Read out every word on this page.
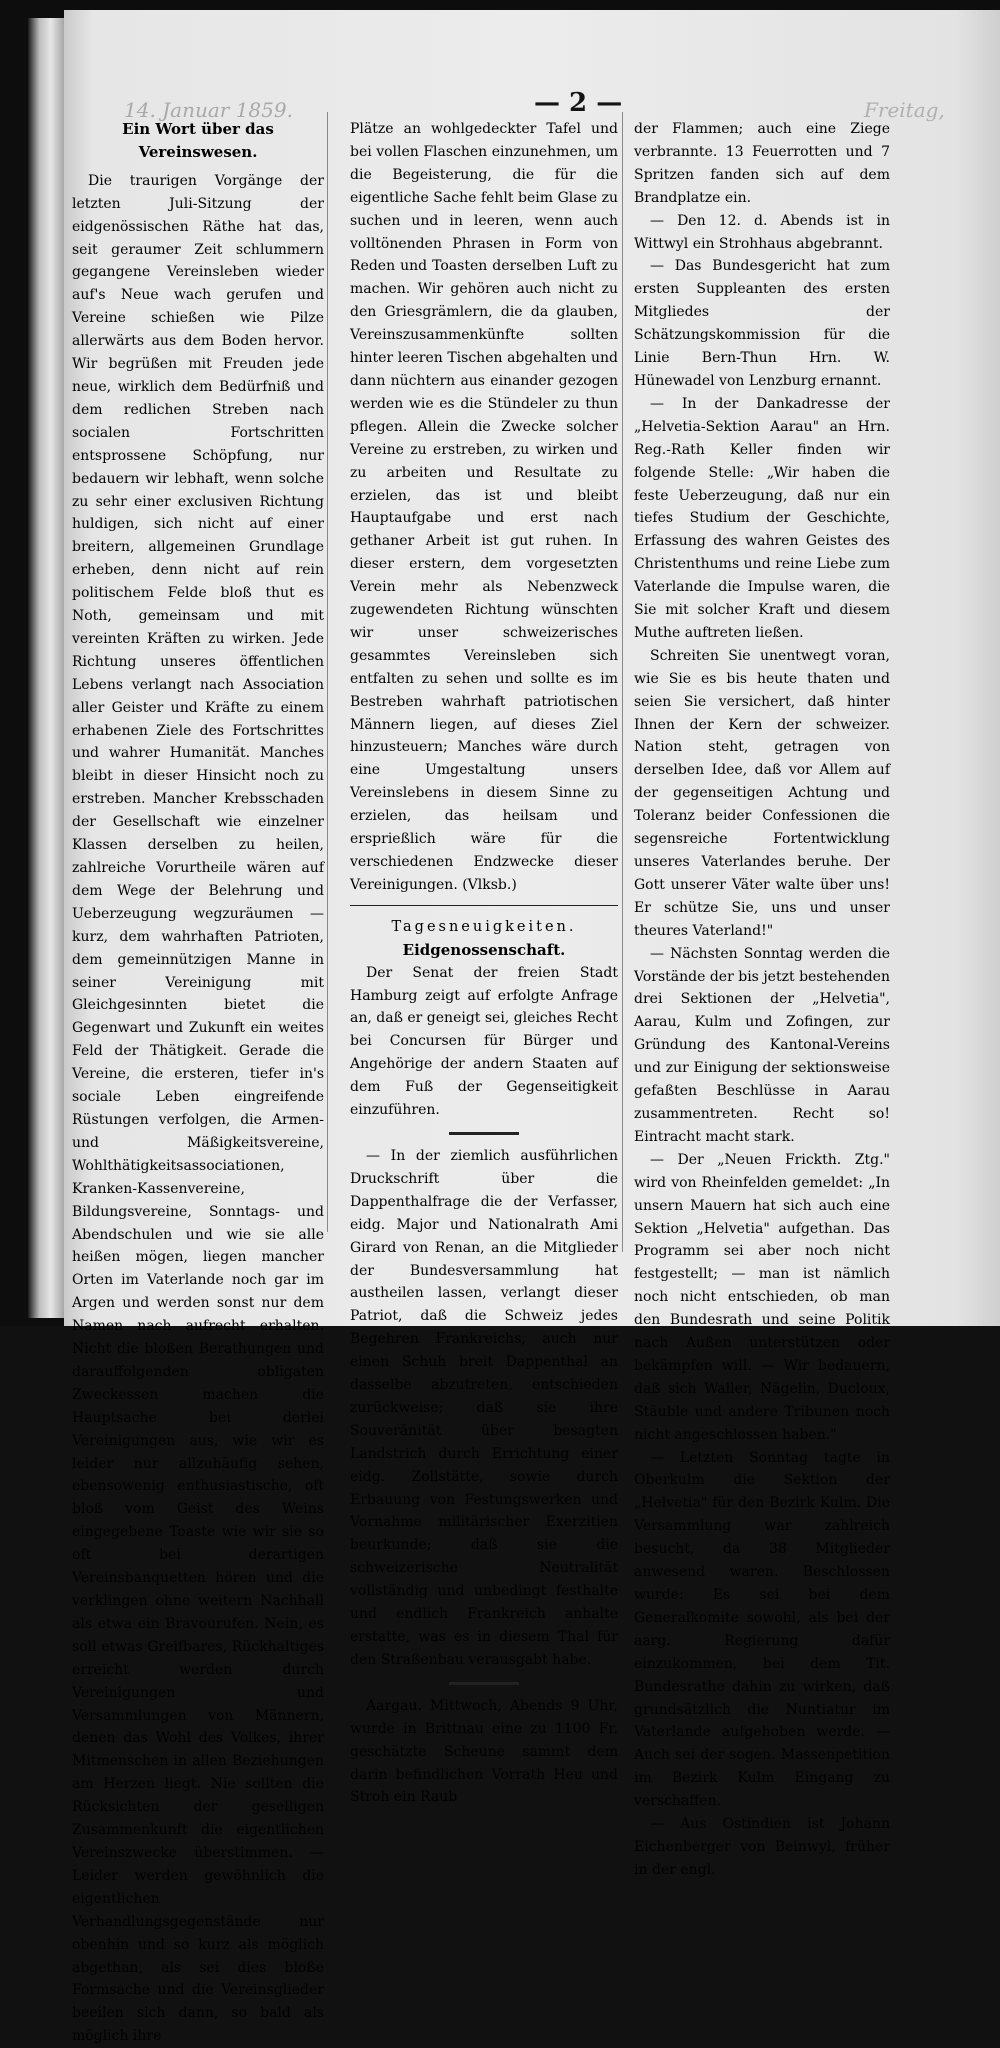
14. Januar 1859.	Freitag,
— 2 —

Ein Wort über das Vereinswesen.

Die traurigen Vorgänge der letzten Juli-Sitzung der eidgenössischen Räthe hat das, seit geraumer Zeit schlummern gegangene Vereinsleben wieder auf's Neue wach gerufen und Vereine schießen wie Pilze allerwärts aus dem Boden hervor. Wir begrüßen mit Freuden jede neue, wirklich dem Bedürfniß und dem redlichen Streben nach socialen Fortschritten entsprossene Schöpfung, nur bedauern wir lebhaft, wenn solche zu sehr einer exclusiven Richtung huldigen, sich nicht auf einer breitern, allgemeinen Grundlage erheben, denn nicht auf rein politischem Felde bloß thut es Noth, gemeinsam und mit vereinten Kräften zu wirken. Jede Richtung unseres öffentlichen Lebens verlangt nach Association aller Geister und Kräfte zu einem erhabenen Ziele des Fortschrittes und wahrer Humanität. Manches bleibt in dieser Hinsicht noch zu erstreben. Mancher Krebsschaden der Gesellschaft wie einzelner Klassen derselben zu heilen, zahlreiche Vorurtheile wären auf dem Wege der Belehrung und Ueberzeugung wegzuräumen — kurz, dem wahrhaften Patrioten, dem gemeinnützigen Manne in seiner Vereinigung mit Gleichgesinnten bietet die Gegenwart und Zukunft ein weites Feld der Thätigkeit. Gerade die Vereine, die ersteren, tiefer in's sociale Leben eingreifende Rüstungen verfolgen, die Armen- und Mäßigkeitsvereine, Wohlthätigkeitsassociationen, Kranken-Kassenvereine, Bildungsvereine, Sonntags- und Abendschulen und wie sie alle heißen mögen, liegen mancher Orten im Vaterlande noch gar im Argen und werden sonst nur dem Namen nach aufrecht erhalten. Nicht die bloßen Berathungen und darauffolgenden obligaten Zweckessen machen die Hauptsache bei derlei Vereinigungen aus, wie wir es leider nur allzuhäufig sehen, ebensowenig enthusiastische, oft bloß vom Geist des Weins eingegebene Toaste wie wir sie so oft bei derartigen Vereinsbanquetten hören und die verklingen ohne weitern Nachhall als etwa ein Bravourufen. Nein, es soll etwas Greifbares, Rückhaltiges erreicht werden durch Vereinigungen und Versammlungen von Männern, denen das Wohl des Volkes, ihrer Mitmenschen in allen Beziehungen am Herzen liegt. Nie sollten die Rücksichten der geselligen Zusammenkunft die eigentlichen Vereinszwecke überstimmen. — Leider werden gewöhnlich die eigentlichen Verhandlungsgegenstände nur obenhin und so kurz als möglich abgethan, als sei dies bloße Formsache und die Vereinsglieder beeilen sich dann, so bald als möglich ihre

Plätze an wohlgedeckter Tafel und bei vollen Flaschen einzunehmen, um die Begeisterung, die für die eigentliche Sache fehlt beim Glase zu suchen und in leeren, wenn auch volltönenden Phrasen in Form von Reden und Toasten derselben Luft zu machen. Wir gehören auch nicht zu den Griesgrämlern, die da glauben, Vereinszusammenkünfte sollten hinter leeren Tischen abgehalten und dann nüchtern aus einander gezogen werden wie es die Stündeler zu thun pflegen. Allein die Zwecke solcher Vereine zu erstreben, zu wirken und zu arbeiten und Resultate zu erzielen, das ist und bleibt Hauptaufgabe und erst nach gethaner Arbeit ist gut ruhen. In dieser erstern, dem vorgesetzten Verein mehr als Nebenzweck zugewendeten Richtung wünschten wir unser schweizerisches gesammtes Vereinsleben sich entfalten zu sehen und sollte es im Bestreben wahrhaft patriotischen Männern liegen, auf dieses Ziel hinzusteuern; Manches wäre durch eine Umgestaltung unsers Vereinslebens in diesem Sinne zu erzielen, das heilsam und ersprießlich wäre für die verschiedenen Endzwecke dieser Vereinigungen. (Vlksb.)

Tagesneuigkeiten.

Eidgenossenschaft.

Der Senat der freien Stadt Hamburg zeigt auf erfolgte Anfrage an, daß er geneigt sei, gleiches Recht bei Concursen für Bürger und Angehörige der andern Staaten auf dem Fuß der Gegenseitigkeit einzuführen.

— In der ziemlich ausführlichen Druckschrift über die Dappenthalfrage die der Verfasser, eidg. Major und Nationalrath Ami Girard von Renan, an die Mitglieder der Bundesversammlung hat austheilen lassen, verlangt dieser Patriot, daß die Schweiz jedes Begehren Frankreichs, auch nur einen Schuh breit Dappenthal an dasselbe abzutreten, entschieden zurückweise; daß sie ihre Souveränität über besagten Landstrich durch Errichtung einer eidg. Zollstätte, sowie durch Erbauung von Festungswerken und Vornahme militärischer Exerzitien beurkunde; daß sie die schweizerische Neutralität vollständig und unbedingt festhalte und endlich Frankreich anhalte erstatte, was es in diesem Thal für den Straßenbau verausgabt habe.

Aargau. Mittwoch, Abends 9 Uhr, wurde in Brittnau eine zu 1100 Fr. geschätzte Scheune sammt dem darin befindlichen Vorrath Heu und Stroh ein Raub

der Flammen; auch eine Ziege verbrannte. 13 Feuerrotten und 7 Spritzen fanden sich auf dem Brandplatze ein.

— Den 12. d. Abends ist in Wittwyl ein Strohhaus abgebrannt.

— Das Bundesgericht hat zum ersten Suppleanten des ersten Mitgliedes der Schätzungskommission für die Linie Bern-Thun Hrn. W. Hünewadel von Lenzburg ernannt.

— In der Dankadresse der „Helvetia-Sektion Aarau" an Hrn. Reg.-Rath Keller finden wir folgende Stelle: „Wir haben die feste Ueberzeugung, daß nur ein tiefes Studium der Geschichte, Erfassung des wahren Geistes des Christenthums und reine Liebe zum Vaterlande die Impulse waren, die Sie mit solcher Kraft und diesem Muthe auftreten ließen.

Schreiten Sie unentwegt voran, wie Sie es bis heute thaten und seien Sie versichert, daß hinter Ihnen der Kern der schweizer. Nation steht, getragen von derselben Idee, daß vor Allem auf der gegenseitigen Achtung und Toleranz beider Confessionen die segensreiche Fortentwicklung unseres Vaterlandes beruhe. Der Gott unserer Väter walte über uns! Er schütze Sie, uns und unser theures Vaterland!"

— Nächsten Sonntag werden die Vorstände der bis jetzt bestehenden drei Sektionen der „Helvetia", Aarau, Kulm und Zofingen, zur Gründung des Kantonal-Vereins und zur Einigung der sektionsweise gefaßten Beschlüsse in Aarau zusammentreten. Recht so! Eintracht macht stark.

— Der „Neuen Frickth. Ztg." wird von Rheinfelden gemeldet: „In unsern Mauern hat sich auch eine Sektion „Helvetia" aufgethan. Das Programm sei aber noch nicht festgestellt; — man ist nämlich noch nicht entschieden, ob man den Bundesrath und seine Politik nach Außen unterstützen oder bekämpfen will. — Wir bedauern, daß sich Waller, Nägelin, Ducloux, Stäuble und andere Tribunen noch nicht angeschlossen haben."

— Letzten Sonntag tagte in Oberkulm die Sektion der „Helvetia" für den Bezirk Kulm. Die Versammlung war zahlreich besucht, da 38 Mitglieder anwesend waren. Beschlossen wurde: Es sei bei dem Generalkomite sowohl, als bei der aarg. Regierung dafür einzukommen, bei dem Tit. Bundesrathe dahin zu wirken, daß grundsätzlich die Nuntiatur im Vaterlande aufgehoben werde. — Auch sei der sogen. Massenpetition im Bezirk Kulm Eingang zu verschaffen.

— Aus Ostindien ist Johann Eichenberger von Beinwyl, früher in der engl.
